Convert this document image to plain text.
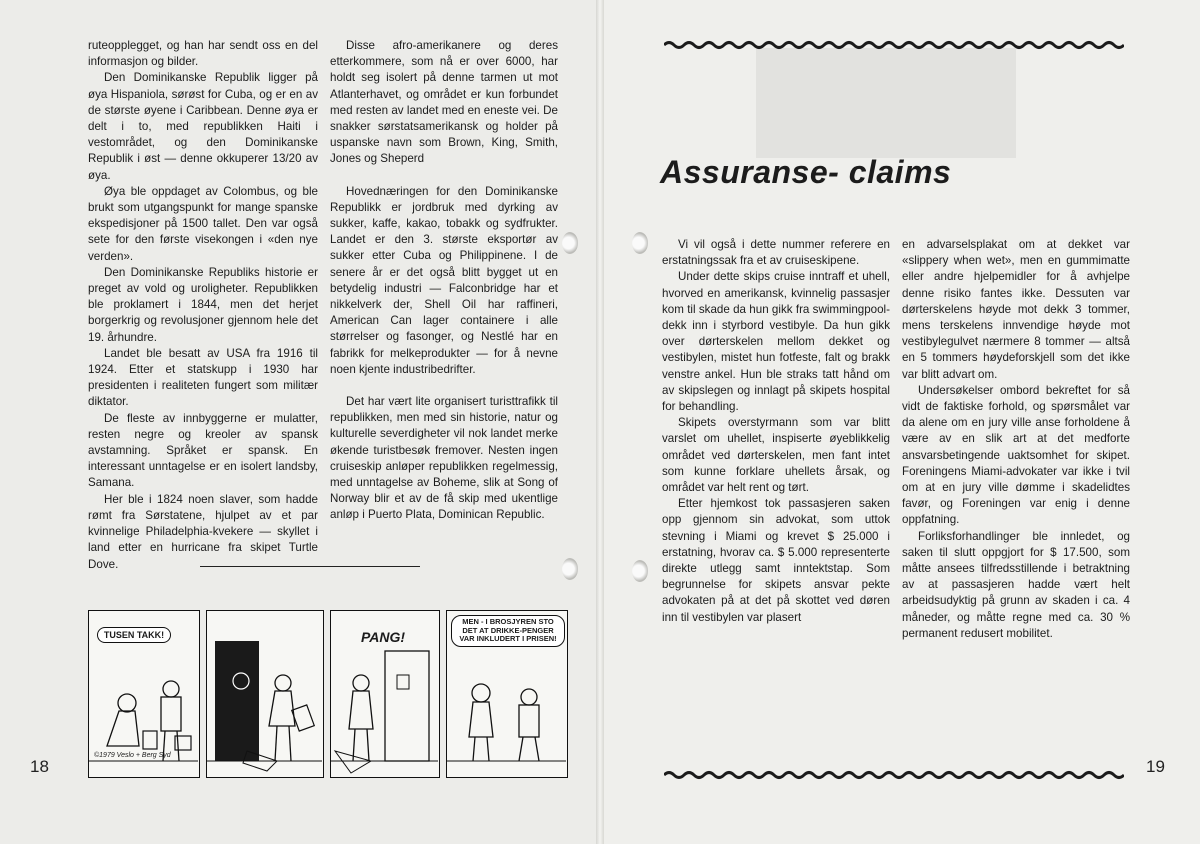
ruteopplegget, og han har sendt oss en del informasjon og bilder.

Den Dominikanske Republik ligger på øya Hispaniola, sørøst for Cuba, og er en av de største øyene i Caribbean. Denne øya er delt i to, med republikken Haiti i vestområdet, og den Dominikanske Republik i øst — denne okkuperer 13/20 av øya.

Øya ble oppdaget av Colombus, og ble brukt som utgangspunkt for mange spanske ekspedisjoner på 1500 tallet. Den var også sete for den første visekongen i «den nye verden».

Den Dominikanske Republiks historie er preget av vold og uroligheter. Republikken ble proklamert i 1844, men det herjet borgerkrig og revolusjoner gjennom hele det 19. århundre.

Landet ble besatt av USA fra 1916 til 1924. Etter et statskupp i 1930 har presidenten i realiteten fungert som militær diktator.

De fleste av innbyggerne er mulatter, resten negre og kreoler av spansk avstamning. Språket er spansk. En interessant unntagelse er en isolert landsby, Samana.

Her ble i 1824 noen slaver, som hadde rømt fra Sørstatene, hjulpet av et par kvinnelige Philadelphia-kvekere — skyllet i land etter en hurricane fra skipet Turtle Dove.

Disse afro-amerikanere og deres etterkommere, som nå er over 6000, har holdt seg isolert på denne tarmen ut mot Atlanterhavet, og området er kun forbundet med resten av landet med en eneste vei. De snakker sørstatsamerikansk og holder på uspanske navn som Brown, King, Smith, Jones og Sheperd

Hovednæringen for den Dominikanske Republikk er jordbruk med dyrking av sukker, kaffe, kakao, tobakk og sydfrukter. Landet er den 3. største eksportør av sukker etter Cuba og Philippinene. I de senere år er det også blitt bygget ut en betydelig industri — Falconbridge har et nikkelverk der, Shell Oil har raffineri, American Can lager containere i alle størrelser og fasonger, og Nestlé har en fabrikk for melkeprodukter — for å nevne noen kjente industribedrifter.

Det har vært lite organisert turisttrafikk til republikken, men med sin historie, natur og kulturelle severdigheter vil nok landet merke økende turistbesøk fremover. Nesten ingen cruiseskip anløper republikken regelmessig, med unntagelse av Boheme, slik at Song of Norway blir et av de få skip med ukentlige anløp i Puerto Plata, Dominican Republic.

TUSEN TAKK!	PANG!
MEN - I BROSJYREN STO DET AT DRIKKE-PENGER VAR INKLUDERT I PRISEN!
©1979 Veslo + Berg Syd
18
Assuranse- claims

Vi vil også i dette nummer referere en erstatningssak fra et av cruiseskipene.

Under dette skips cruise inntraff et uhell, hvorved en amerikansk, kvinnelig passasjer kom til skade da hun gikk fra swimmingpool-dekk inn i styrbord vestibyle. Da hun gikk over dørterskelen mellom dekket og vestibylen, mistet hun fotfeste, falt og brakk venstre ankel. Hun ble straks tatt hånd om av skipslegen og innlagt på skipets hospital for behandling.

Skipets overstyrmann som var blitt varslet om uhellet, inspiserte øyeblikkelig området ved dørterskelen, men fant intet som kunne forklare uhellets årsak, og området var helt rent og tørt.

Etter hjemkost tok passasjeren saken opp gjennom sin advokat, som uttok stevning i Miami og krevet $ 25.000 i erstatning, hvorav ca. $ 5.000 representerte direkte utlegg samt inntektstap. Som begrunnelse for skipets ansvar pekte advokaten på at det på skottet ved døren inn til vestibylen var plasert

en advarselsplakat om at dekket var «slippery when wet», men en gummimatte eller andre hjelpemidler for å avhjelpe denne risiko fantes ikke. Dessuten var dørterskelens høyde mot dekk 3 tommer, mens terskelens innvendige høyde mot vestibylegulvet nærmere 8 tommer — altså en 5 tommers høydeforskjell som det ikke var blitt advart om.

Undersøkelser ombord bekreftet for så vidt de faktiske forhold, og spørsmålet var da alene om en jury ville anse forholdene å være av en slik art at det medforte ansvarsbetingende uaktsomhet for skipet. Foreningens Miami-advokater var ikke i tvil om at en jury ville dømme i skadelidtes favør, og Foreningen var enig i denne oppfatning.

Forliksforhandlinger ble innledet, og saken til slutt oppgjort for $ 17.500, som måtte ansees tilfredsstillende i betraktning av at passasjeren hadde vært helt arbeidsudyktig på grunn av skaden i ca. 4 måneder, og måtte regne med ca. 30 % permanent redusert mobilitet.

19
